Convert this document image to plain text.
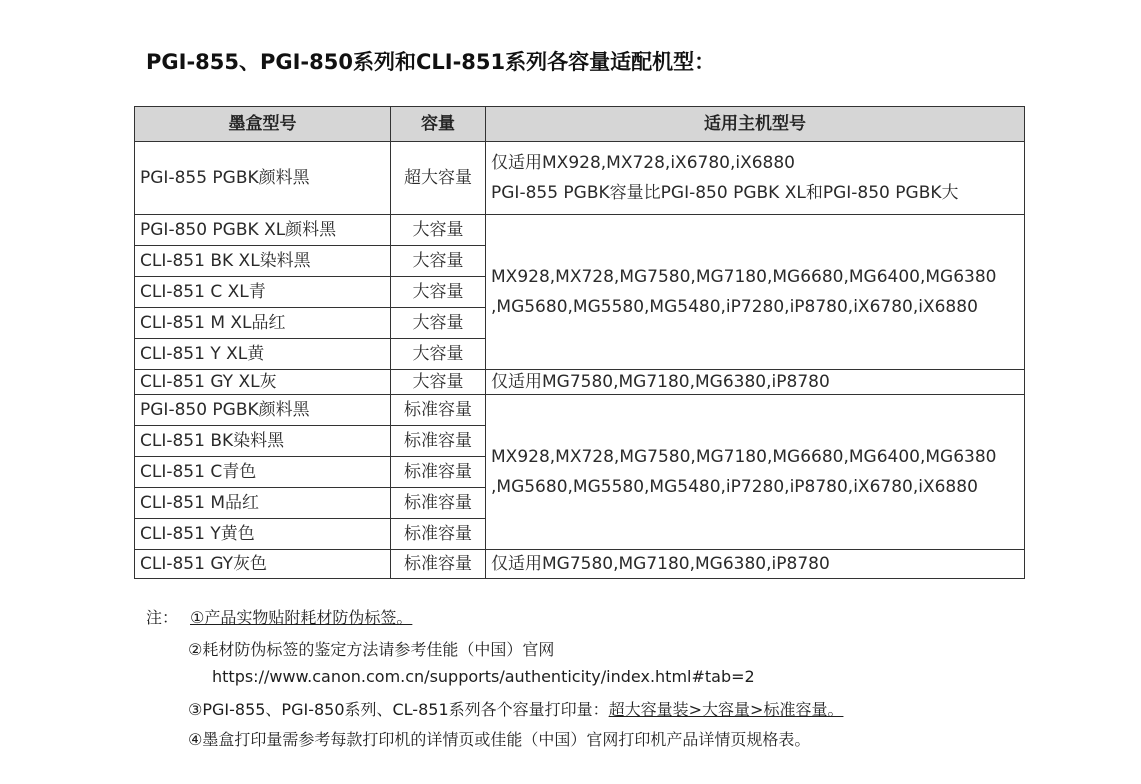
PGI-855、PGI-850系列和CLI-851系列各容量适配机型：
墨盒型号	容量	适用主机型号
PGI-855 PGBK颜料黑	超大容量	仅适用MX928,MX728,iX6780,iX6880
PGI-855 PGBK容量比PGI-850 PGBK XL和PGI-850 PGBK大

PGI-850 PGBK XL颜料黑	大容量	MX928,MX728,MG7580,MG7180,MG6680,MG6400,MG6380
,MG5680,MG5580,MG5480,iP7280,iP8780,iX6780,iX6880

CLI-851 BK XL染料黑	大容量	
CLI-851 C XL青	大容量	
CLI-851 M XL品红	大容量	
CLI-851 Y XL黄	大容量	
CLI-851 GY XL灰	大容量	仅适用MG7580,MG7180,MG6380,iP8780
PGI-850 PGBK颜料黑	标准容量	MX928,MX728,MG7580,MG7180,MG6680,MG6400,MG6380
,MG5680,MG5580,MG5480,iP7280,iP8780,iX6780,iX6880

CLI-851 BK染料黑	标准容量	
CLI-851 C青色	标准容量	
CLI-851 M品红	标准容量	
CLI-851 Y黄色	标准容量	
CLI-851 GY灰色	标准容量	仅适用MG7580,MG7180,MG6380,iP8780
注： ①产品实物贴附耗材防伪标签。
②耗材防伪标签的鉴定方法请参考佳能（中国）官网
https://www.canon.com.cn/supports/authenticity/index.html#tab=2
③PGI-855、PGI-850系列、CL-851系列各个容量打印量：超大容量装>大容量>标准容量。
④墨盒打印量需参考每款打印机的详情页或佳能（中国）官网打印机产品详情页规格表。
